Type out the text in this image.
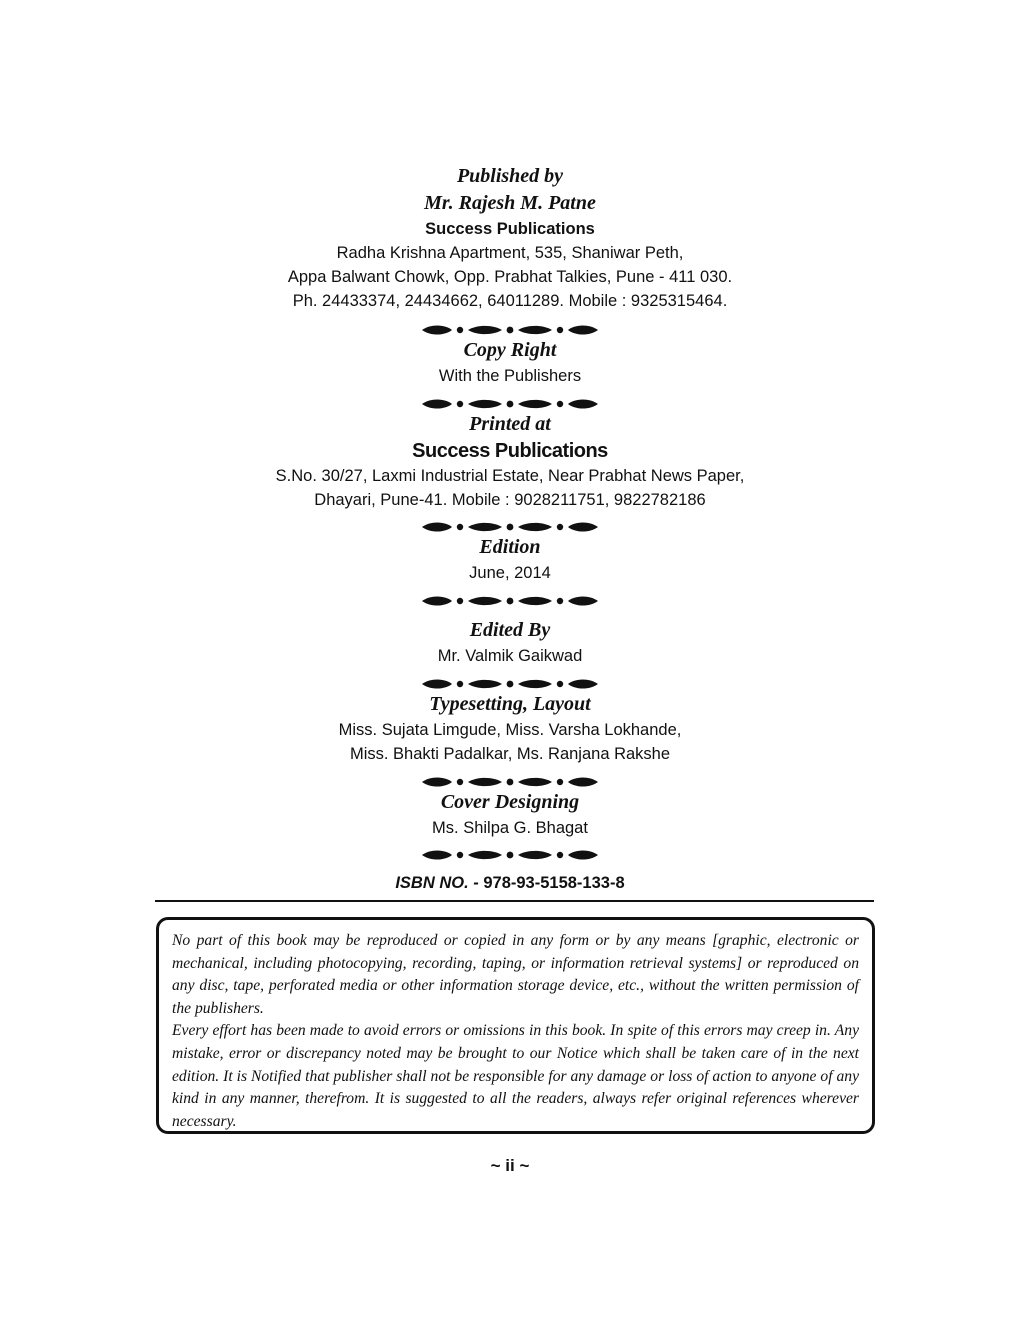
Published by
Mr. Rajesh M. Patne
Success Publications
Radha Krishna Apartment, 535, Shaniwar Peth,
Appa Balwant Chowk, Opp. Prabhat Talkies, Pune - 411 030.
Ph. 24433374, 24434662, 64011289. Mobile : 9325315464.
Copy Right
With the Publishers
Printed at
Success Publications
S.No. 30/27, Laxmi Industrial Estate, Near Prabhat News Paper,
Dhayari, Pune-41. Mobile : 9028211751, 9822782186
Edition
June, 2014
Edited By
Mr. Valmik Gaikwad
Typesetting, Layout
Miss. Sujata Limgude, Miss. Varsha Lokhande,
Miss. Bhakti Padalkar, Ms. Ranjana Rakshe
Cover Designing
Ms. Shilpa G. Bhagat
ISBN NO. - 978-93-5158-133-8

No part of this book may be reproduced or copied in any form or by any means [graphic, electronic or mechanical, including photocopying, recording, taping, or information retrieval systems] or reproduced on any disc, tape, perforated media or other information storage device, etc., without the written permission of the publishers.

Every effort has been made to avoid errors or omissions in this book. In spite of this errors may creep in. Any mistake, error or discrepancy noted may be brought to our Notice which shall be taken care of in the next edition. It is Notified that publisher shall not be responsible for any damage or loss of action to anyone of any kind in any manner, therefrom. It is suggested to all the readers, always refer original references wherever necessary.

~ ii ~
